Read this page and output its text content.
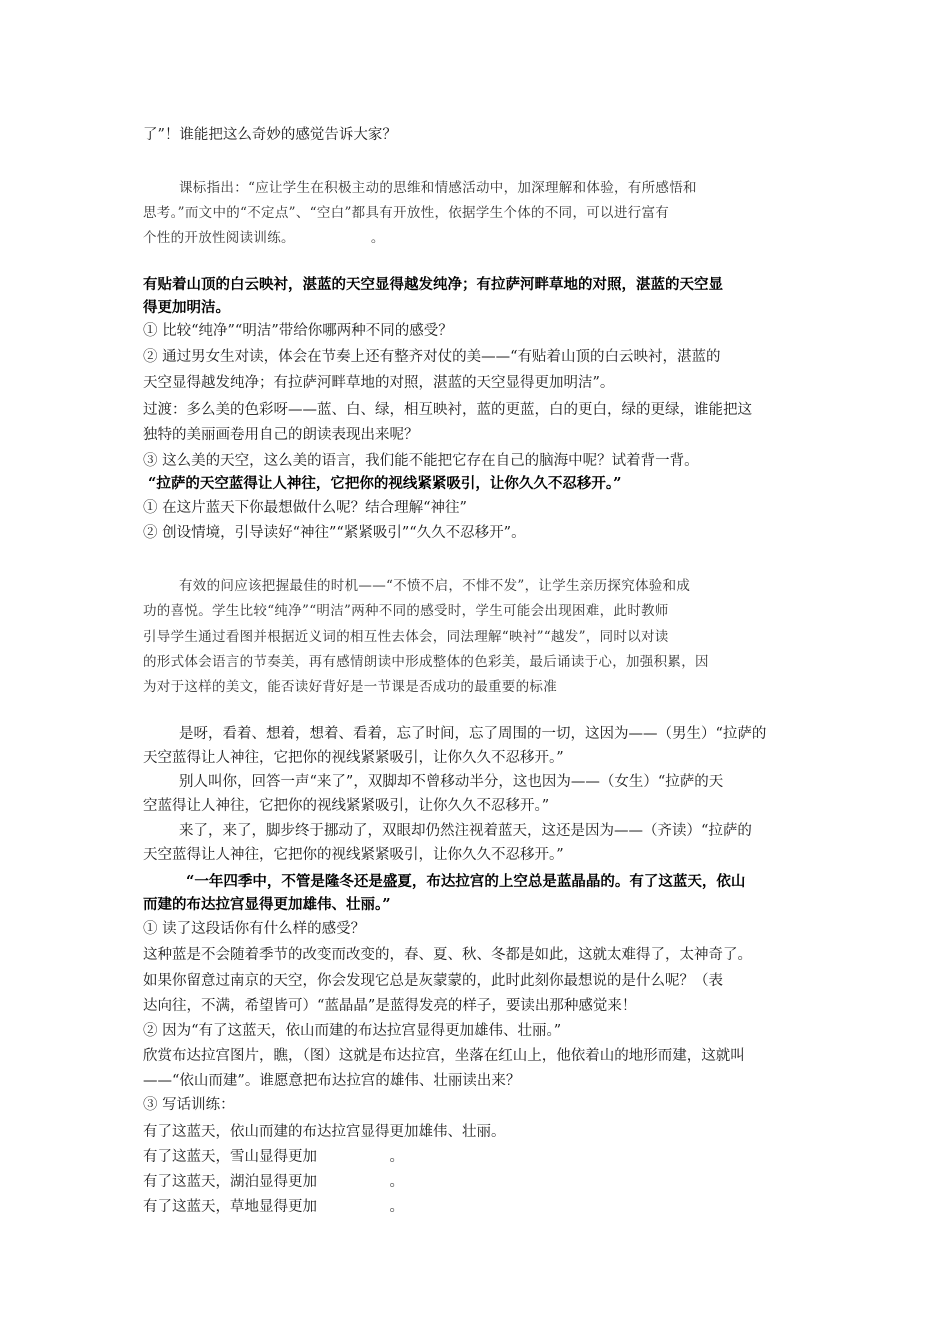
了”！谁能把这么奇妙的感觉告诉大家？
课标指出：“应让学生在积极主动的思维和情感活动中，加深理解和体验，有所感悟和
思考。”而文中的“不定点”、“空白”都具有开放性，依据学生个体的不同，可以进行富有
个性的开放性阅读训练。　　　　　　。
有贴着山顶的白云映衬，湛蓝的天空显得越发纯净；有拉萨河畔草地的对照，湛蓝的天空显
得更加明洁。
① 比较“纯净”“明洁”带给你哪两种不同的感受？
② 通过男女生对读，体会在节奏上还有整齐对仗的美——“有贴着山顶的白云映衬，湛蓝的
天空显得越发纯净；有拉萨河畔草地的对照，湛蓝的天空显得更加明洁”。
过渡：多么美的色彩呀——蓝、白、绿，相互映衬，蓝的更蓝，白的更白，绿的更绿，谁能把这
独特的美丽画卷用自己的朗读表现出来呢？
③ 这么美的天空，这么美的语言，我们能不能把它存在自己的脑海中呢？试着背一背。
“拉萨的天空蓝得让人神往，它把你的视线紧紧吸引，让你久久不忍移开。”
① 在这片蓝天下你最想做什么呢？结合理解“神往”
② 创设情境，引导读好“神往”“紧紧吸引”“久久不忍移开”。
有效的问应该把握最佳的时机——“不愤不启，不悱不发”，让学生亲历探究体验和成
功的喜悦。学生比较“纯净”“明洁”两种不同的感受时，学生可能会出现困难，此时教师
引导学生通过看图并根据近义词的相互性去体会，同法理解“映衬”“越发”，同时以对读
的形式体会语言的节奏美，再有感情朗读中形成整体的色彩美，最后诵读于心，加强积累，因
为对于这样的美文，能否读好背好是一节课是否成功的最重要的标准
是呀，看着、想着，想着、看着，忘了时间，忘了周围的一切，这因为——（男生）“拉萨的
天空蓝得让人神往，它把你的视线紧紧吸引，让你久久不忍移开。”
别人叫你，回答一声“来了”，双脚却不曾移动半分，这也因为——（女生）“拉萨的天
空蓝得让人神往，它把你的视线紧紧吸引，让你久久不忍移开。”
来了，来了，脚步终于挪动了，双眼却仍然注视着蓝天，这还是因为——（齐读）“拉萨的
天空蓝得让人神往，它把你的视线紧紧吸引，让你久久不忍移开。”
“一年四季中，不管是隆冬还是盛夏，布达拉宫的上空总是蓝晶晶的。有了这蓝天，依山
而建的布达拉宫显得更加雄伟、壮丽。”
① 读了这段话你有什么样的感受？
这种蓝是不会随着季节的改变而改变的，春、夏、秋、冬都是如此，这就太难得了，太神奇了。
如果你留意过南京的天空，你会发现它总是灰蒙蒙的，此时此刻你最想说的是什么呢？（表
达向往，不满，希望皆可）“蓝晶晶”是蓝得发亮的样子，要读出那种感觉来！
② 因为“有了这蓝天，依山而建的布达拉宫显得更加雄伟、壮丽。”
欣赏布达拉宫图片，瞧，（图）这就是布达拉宫，坐落在红山上，他依着山的地形而建，这就叫
——“依山而建”。谁愿意把布达拉宫的雄伟、壮丽读出来？
③ 写话训练：
有了这蓝天，依山而建的布达拉宫显得更加雄伟、壮丽。
有了这蓝天，雪山显得更加　　　　　。
有了这蓝天，湖泊显得更加　　　　　。
有了这蓝天，草地显得更加　　　　　。
